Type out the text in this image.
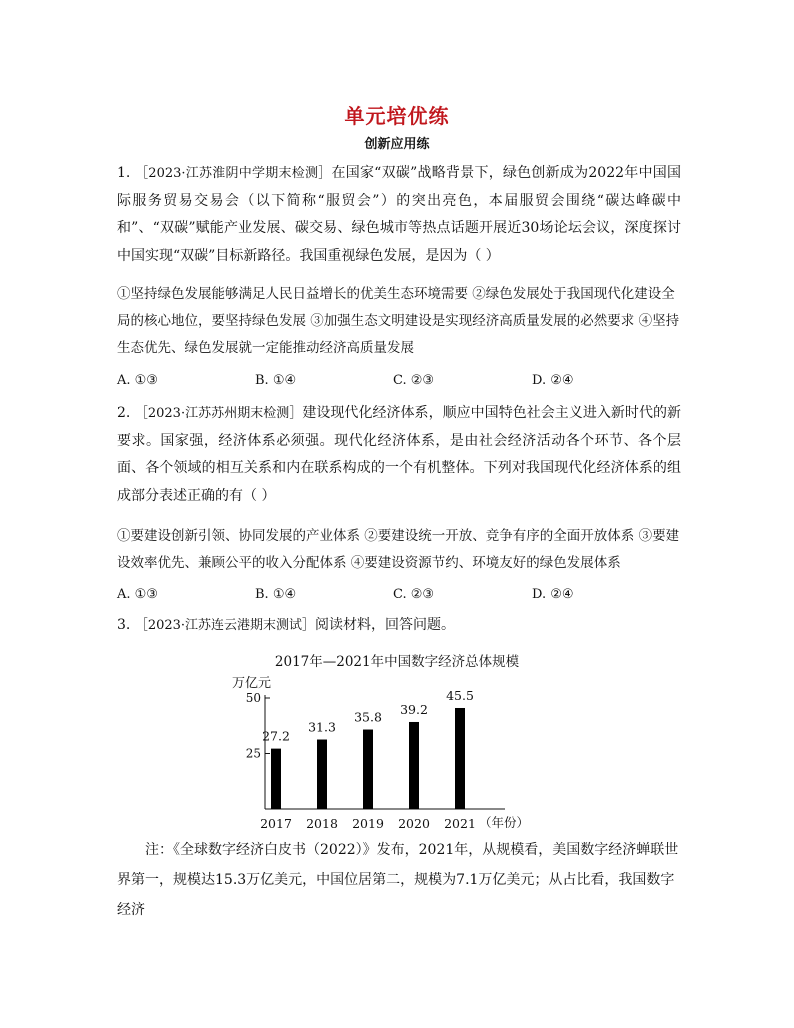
单元培优练
创新应用练

1. ［2023·江苏淮阴中学期末检测］在国家“双碳”战略背景下，绿色创新成为2022年中国国际服务贸易交易会（以下简称“服贸会”）的突出亮色，本届服贸会围绕“碳达峰碳中和”、“双碳”赋能产业发展、碳交易、绿色城市等热点话题开展近30场论坛会议，深度探讨中国实现“双碳”目标新路径。我国重视绿色发展，是因为（ ）

①坚持绿色发展能够满足人民日益增长的优美生态环境需要 ②绿色发展处于我国现代化建设全局的核心地位，要坚持绿色发展 ③加强生态文明建设是实现经济高质量发展的必然要求 ④坚持生态优先、绿色发展就一定能推动经济高质量发展

A. ①③	B. ①④	C. ②③	D. ②④

2. ［2023·江苏苏州期末检测］建设现代化经济体系，顺应中国特色社会主义进入新时代的新要求。国家强，经济体系必须强。现代化经济体系，是由社会经济活动各个环节、各个层面、各个领域的相互关系和内在联系构成的一个有机整体。下列对我国现代化经济体系的组成部分表述正确的有（ ）

①要建设创新引领、协同发展的产业体系 ②要建设统一开放、竞争有序的全面开放体系 ③要建设效率优先、兼顾公平的收入分配体系 ④要建设资源节约、环境友好的绿色发展体系

A. ①③	B. ①④	C. ②③	D. ②④

3. ［2023·江苏连云港期末测试］阅读材料，回答问题。

2017年—2021年中国数字经济总体规模
万亿元
25
50
27.2
2017
31.3
2018
35.8
2019
39.2
2020
45.5
2021 （年份）

注：《全球数字经济白皮书（2022）》发布，2021年，从规模看，美国数字经济蝉联世界第一，规模达15.3万亿美元，中国位居第二，规模为7.1万亿美元；从占比看，我国数字经济
